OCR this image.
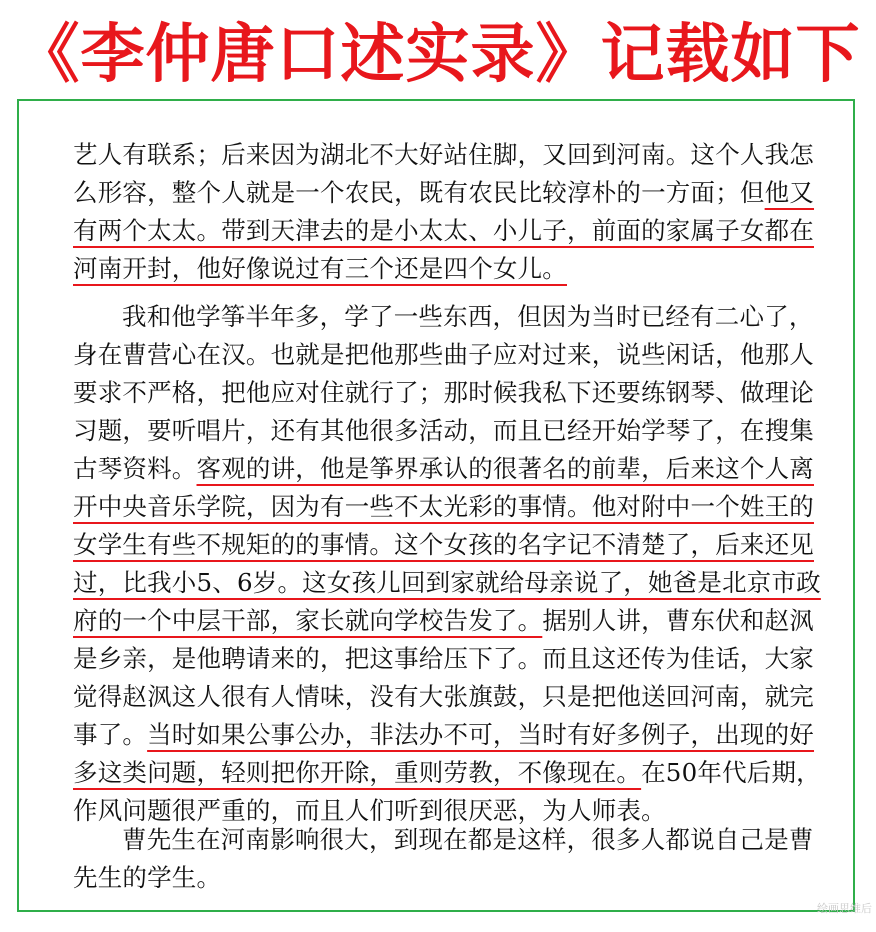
《李仲唐口述实录》记载如下
艺人有联系；后来因为湖北不大好站住脚，又回到河南。这个人我怎
么形容，整个人就是一个农民，既有农民比较淳朴的一方面；但他又
有两个太太。带到天津去的是小太太、小儿子，前面的家属子女都在
河南开封，他好像说过有三个还是四个女儿。
我和他学筝半年多，学了一些东西，但因为当时已经有二心了，
身在曹营心在汉。也就是把他那些曲子应对过来，说些闲话，他那人
要求不严格，把他应对住就行了；那时候我私下还要练钢琴、做理论
习题，要听唱片，还有其他很多活动，而且已经开始学琴了，在搜集
古琴资料。客观的讲，他是筝界承认的很著名的前辈，后来这个人离
开中央音乐学院，因为有一些不太光彩的事情。他对附中一个姓王的
女学生有些不规矩的的事情。这个女孩的名字记不清楚了，后来还见
过，比我小5、6岁。这女孩儿回到家就给母亲说了，她爸是北京市政
府的一个中层干部，家长就向学校告发了。据别人讲，曹东伏和赵沨
是乡亲，是他聘请来的，把这事给压下了。而且这还传为佳话，大家
觉得赵沨这人很有人情味，没有大张旗鼓，只是把他送回河南，就完
事了。当时如果公事公办，非法办不可，当时有好多例子，出现的好
多这类问题，轻则把你开除，重则劳教，不像现在。在50年代后期，
作风问题很严重的，而且人们听到很厌恶，为人师表。
曹先生在河南影响很大，到现在都是这样，很多人都说自己是曹
先生的学生。
绘画思维后
